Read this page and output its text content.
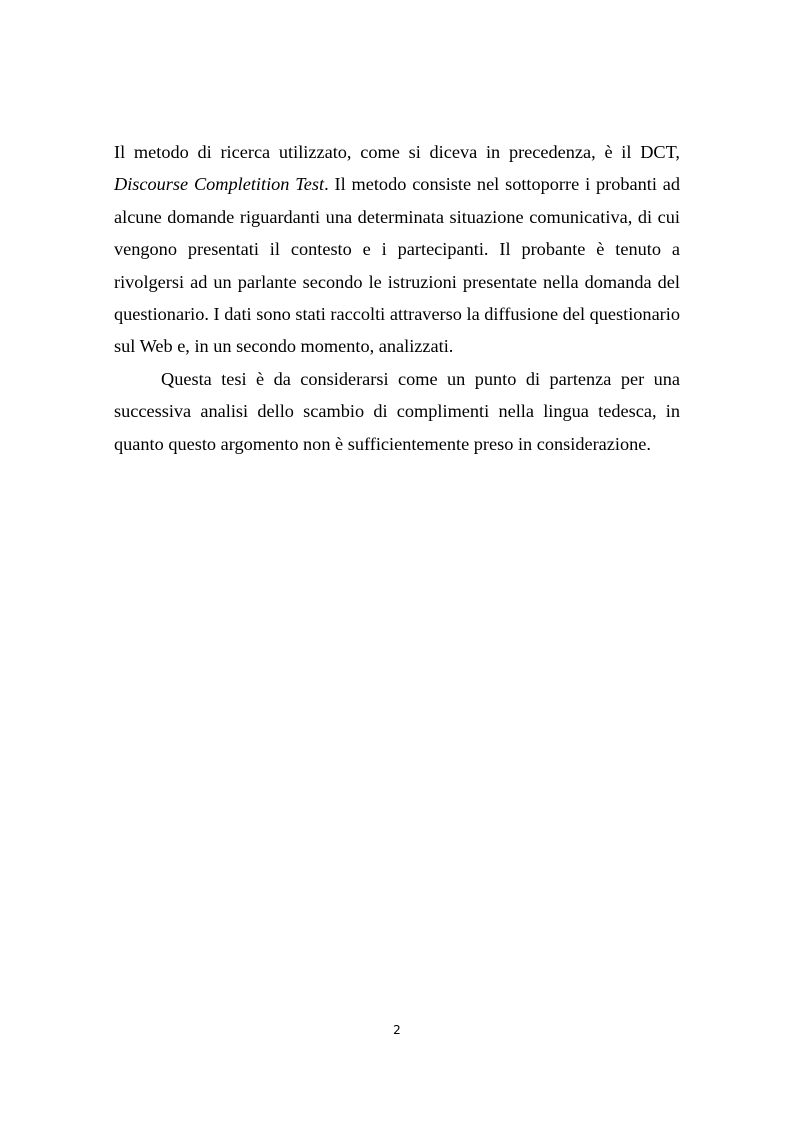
Il metodo di ricerca utilizzato, come si diceva in precedenza, è il DCT, Discourse Completition Test. Il metodo consiste nel sottoporre i probanti ad alcune domande riguardanti una determinata situazione comunicativa, di cui vengono presentati il contesto e i partecipanti. Il probante è tenuto a rivolgersi ad un parlante secondo le istruzioni presentate nella domanda del questionario. I dati sono stati raccolti attraverso la diffusione del questionario sul Web e, in un secondo momento, analizzati.

Questa tesi è da considerarsi come un punto di partenza per una successiva analisi dello scambio di complimenti nella lingua tedesca, in quanto questo argomento non è sufficientemente preso in considerazione.

2
